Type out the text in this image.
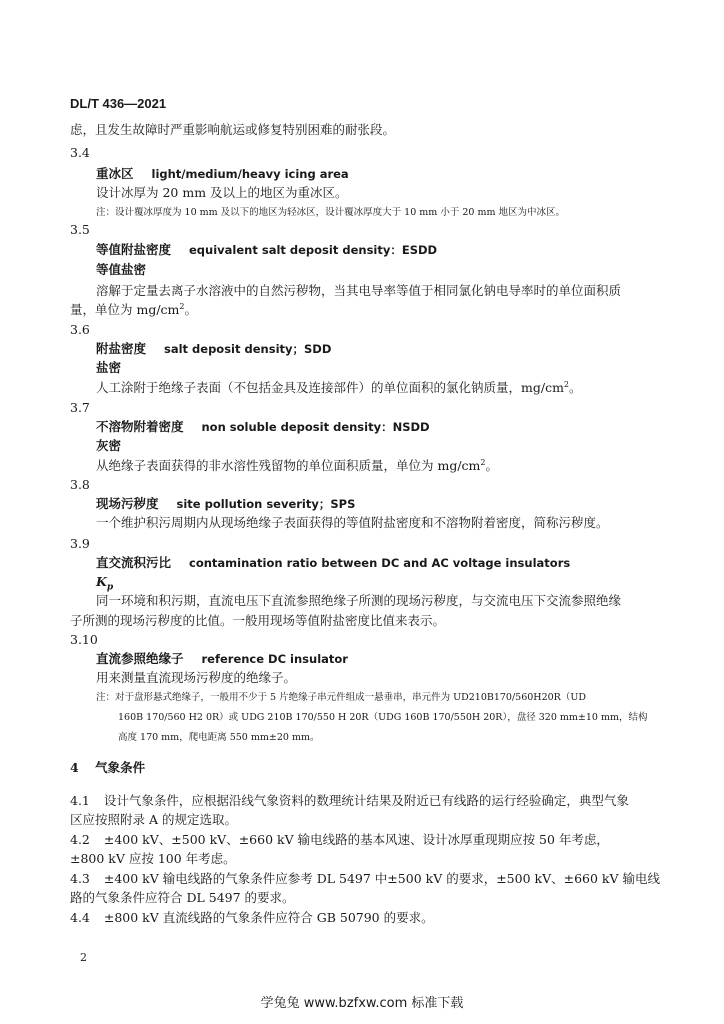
DL/T 436—2021
虑，且发生故障时严重影响航运或修复特别困难的耐张段。
3.4
重冰区 light/medium/heavy icing area
设计冰厚为 20 mm 及以上的地区为重冰区。
注：设计覆冰厚度为 10 mm 及以下的地区为轻冰区，设计覆冰厚度大于 10 mm 小于 20 mm 地区为中冰区。
3.5
等值附盐密度 equivalent salt deposit density：ESDD
等值盐密
溶解于定量去离子水溶液中的自然污秽物，当其电导率等值于相同氯化钠电导率时的单位面积质
量，单位为 $mg/cm^2$。
3.6
附盐密度 salt deposit density；SDD
盐密
人工涂附于绝缘子表面（不包括金具及连接部件）的单位面积的氯化钠质量，$mg/cm^2$。
3.7
不溶物附着密度 non soluble deposit density：NSDD
灰密
从绝缘子表面获得的非水溶性残留物的单位面积质量，单位为 $mg/cm^2$。
3.8
现场污秽度 site pollution severity；SPS
一个维护积污周期内从现场绝缘子表面获得的等值附盐密度和不溶物附着密度，简称污秽度。
3.9
直交流积污比 contamination ratio between DC and AC voltage insulators
$K_p$
同一环境和积污期，直流电压下直流参照绝缘子所测的现场污秽度，与交流电压下交流参照绝缘
子所测的现场污秽度的比值。一般用现场等值附盐密度比值来表示。
3.10
直流参照绝缘子 reference DC insulator
用来测量直流现场污秽度的绝缘子。
注：对于盘形悬式绝缘子，一般用不少于 5 片绝缘子串元件组成一悬垂串，串元件为 UD210B170/560H20R（UD
160B 170/560 H2 0R）或 UDG 210B 170/550 H 20R（UDG 160B 170/550H 20R），盘径 320 mm±10 mm，结构
高度 170 mm，爬电距离 550 mm±20 mm。
4 气象条件
4.1 设计气象条件，应根据沿线气象资料的数理统计结果及附近已有线路的运行经验确定，典型气象
区应按照附录 A 的规定选取。
4.2 ±400 kV、±500 kV、±660 kV 输电线路的基本风速、设计冰厚重现期应按 50 年考虑，
±800 kV 应按 100 年考虑。
4.3 ±400 kV 输电线路的气象条件应参考 DL 5497 中±500 kV 的要求，±500 kV、±660 kV 输电线
路的气象条件应符合 DL 5497 的要求。
4.4 ±800 kV 直流线路的气象条件应符合 GB 50790 的要求。
2
学兔兔 www.bzfxw.com 标准下载
